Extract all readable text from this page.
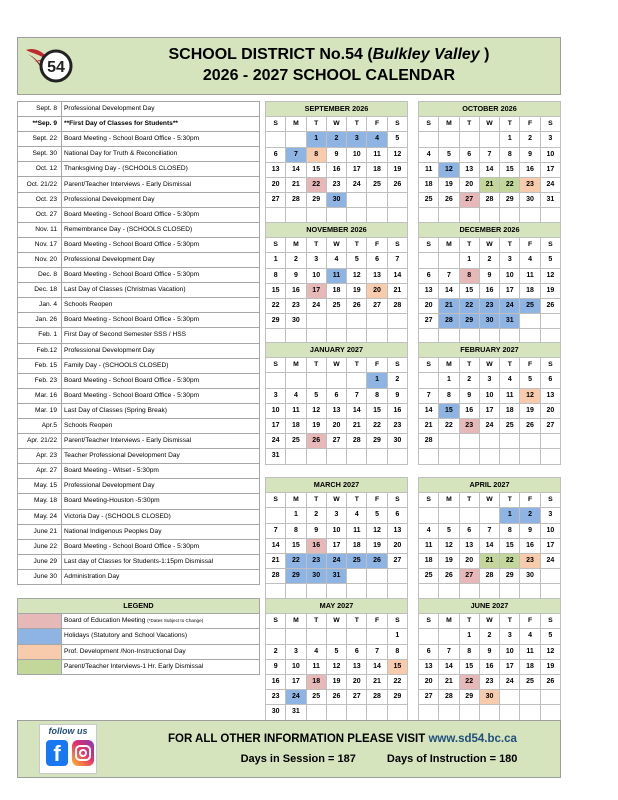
54
SCHOOL DISTRICT No.54 (Bulkley Valley )
2026 - 2027 SCHOOL CALENDAR
Sept. 8	Professional Development Day
**Sep. 9	**First Day of Classes for Students**
Sept. 22	Board Meeting - School Board Office - 5:30pm
Sept. 30	National Day for Truth & Reconciliation
Oct. 12	Thanksgiving Day - (SCHOOLS CLOSED)
Oct. 21/22	Parent/Teacher Interviews - Early Dismissal
Oct. 23	Professional Development Day
Oct. 27	Board Meeting - School Board Office - 5:30pm
Nov. 11	Remembrance Day - (SCHOOLS CLOSED)
Nov. 17	Board Meeting - School Board Office - 5:30pm
Nov. 20	Professional Development Day
Dec. 8	Board Meeting - School Board Office - 5:30pm
Dec. 18	Last Day of Classes (Christmas Vacation)
Jan. 4	Schools Reopen
Jan. 26	Board Meeting - School Board Office - 5:30pm
Feb. 1	First Day of Second Semester SSS / HSS
Feb.12	Professional Development Day
Feb. 15	Family Day - (SCHOOLS CLOSED)
Feb. 23	Board Meeting - School Board Office - 5:30pm
Mar. 16	Board Meeting - School Board Office - 5:30pm
Mar. 19	Last Day of Classes (Spring Break)
Apr.5	Schools Reopen
Apr. 21/22	Parent/Teacher Interviews - Early Dismissal
Apr. 23	Teacher Professional Development Day
Apr. 27	Board Meeting - Witset - 5:30pm
May. 15	Professional Development Day
May. 18	Board Meeting-Houston -5:30pm
May. 24	Victoria Day - (SCHOOLS CLOSED)
June 21	National Indigenous Peoples Day
June 22	Board Meeting - School Board Office - 5:30pm
June 29	Last day of Classes for Students-1:15pm Dismissal
June 30	Administration Day
SEPTEMBER 2026						
S	M	T	W	T	F	S
		1	2	3	4	5
6	7	8	9	10	11	12
13	14	15	16	17	18	19
20	21	22	23	24	25	26
27	28	29	30			

OCTOBER 2026						
S	M	T	W	T	F	S
				1	2	3
4	5	6	7	8	9	10
11	12	13	14	15	16	17
18	19	20	21	22	23	24
25	26	27	28	29	30	31

NOVEMBER 2026						
S	M	T	W	T	F	S
1	2	3	4	5	6	7
8	9	10	11	12	13	14
15	16	17	18	19	20	21
22	23	24	25	26	27	28
29	30					

DECEMBER 2026						
S	M	T	W	T	F	S
		1	2	3	4	5
6	7	8	9	10	11	12
13	14	15	16	17	18	19
20	21	22	23	24	25	26
27	28	29	30	31		

JANUARY 2027						
S	M	T	W	T	F	S
					1	2
3	4	5	6	7	8	9
10	11	12	13	14	15	16
17	18	19	20	21	22	23
24	25	26	27	28	29	30
31						
FEBRUARY 2027						
S	M	T	W	T	F	S
	1	2	3	4	5	6
7	8	9	10	11	12	13
14	15	16	17	18	19	20
21	22	23	24	25	26	27
28						

MARCH 2027						
S	M	T	W	T	F	S
	1	2	3	4	5	6
7	8	9	10	11	12	13
14	15	16	17	18	19	20
21	22	23	24	25	26	27
28	29	30	31			

APRIL 2027						
S	M	T	W	T	F	S
				1	2	3
4	5	6	7	8	9	10
11	12	13	14	15	16	17
18	19	20	21	22	23	24
25	26	27	28	29	30	

MAY 2027						
S	M	T	W	T	F	S
						1
2	3	4	5	6	7	8
9	10	11	12	13	14	15
16	17	18	19	20	21	22
23	24	25	26	27	28	29
30	31					
JUNE 2027						
S	M	T	W	T	F	S
		1	2	3	4	5
6	7	8	9	10	11	12
13	14	15	16	17	18	19
20	21	22	23	24	25	26
27	28	29	30			

LEGEND	
	Board of Education Meeting (*Dates Subject to Change)
	Holidays (Statutory and School Vacations)
	Prof. Development /Non-Instructional Day
	Parent/Teacher Interviews-1 Hr. Early Dismissal
follow us
f
FOR ALL OTHER INFORMATION PLEASE VISIT www.sd54.bc.ca
Days in Session = 187	Days of Instruction = 180
